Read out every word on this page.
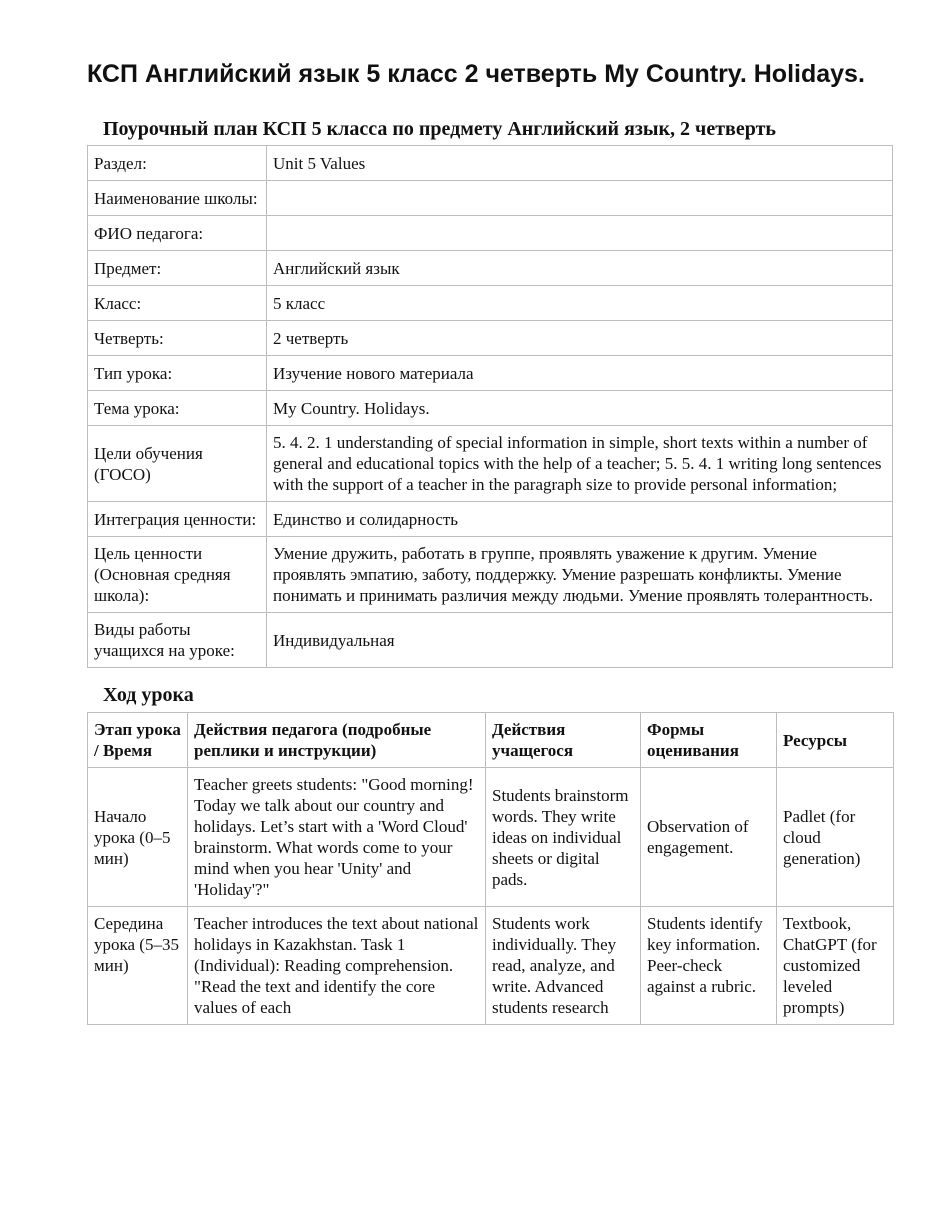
КСП Английский язык 5 класс 2 четверть My Country. Holidays.
Поурочный план КСП 5 класса по предмету Английский язык, 2 четверть
Раздел:	Unit 5 Values
Наименование школы:	
ФИО педагога:	
Предмет:	Английский язык
Класс:	5 класс
Четверть:	2 четверть
Тип урока:	Изучение нового материала
Тема урока:	My Country. Holidays.
Цели обучения (ГОСО)	5. 4. 2. 1 understanding of special information in simple, short texts within a number of general and educational topics with the help of a teacher; 5. 5. 4. 1 writing long sentences with the support of a teacher in the paragraph size to provide personal information;
Интеграция ценности:	Единство и солидарность
Цель ценности (Основная средняя школа):	Умение дружить, работать в группе, проявлять уважение к другим. Умение проявлять эмпатию, заботу, поддержку. Умение разрешать конфликты. Умение понимать и принимать различия между людьми. Умение проявлять толерантность.
Виды работы учащихся на уроке:	Индивидуальная
Ход урока
Этап урока / Время	Действия педагога (подробные реплики и инструкции)	Действия учащегося	Формы оценивания	Ресурсы
Начало урока (0–5 мин)	Teacher greets students: "Good morning! Today we talk about our country and holidays. Let’s start with a 'Word Cloud' brainstorm. What words come to your mind when you hear 'Unity' and 'Holiday'?"	Students brainstorm words. They write ideas on individual sheets or digital pads.	Observation of engagement.	Padlet (for cloud generation)
Середина урока (5–35 мин)	Teacher introduces the text about national holidays in Kazakhstan. Task 1 (Individual): Reading comprehension. "Read the text and identify the core values of each	Students work individually. They read, analyze, and write. Advanced students research	Students identify key information. Peer-check against a rubric.	Textbook, ChatGPT (for customized leveled prompts)
